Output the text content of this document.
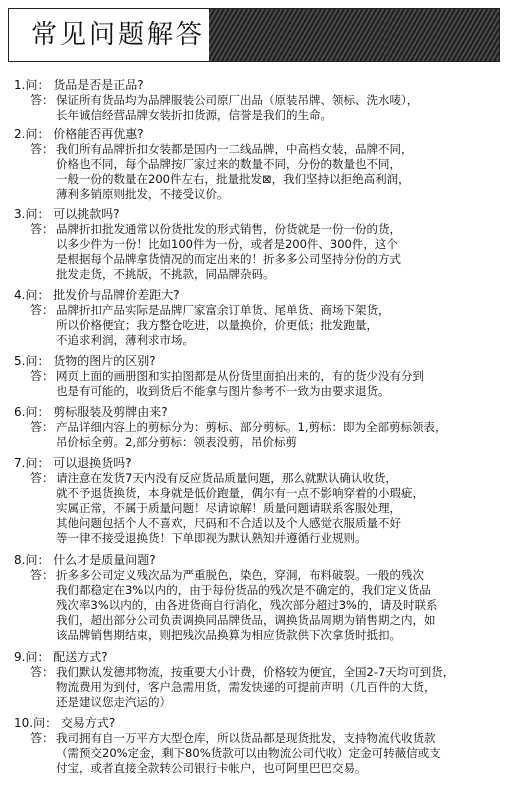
常见问题解答
1.问： 货品是否是正品?
答： 保证所有货品均为品牌服装公司原厂出品（原装吊牌、领标、洗水唛），
长年诚信经营品牌女装折扣货源，信誉是我们的生命。
2.问： 价格能否再优惠?
答： 我们所有品牌折扣女装都是国内一二线品牌，中高档女装，品牌不同，
价格也不同，每个品牌按厂家过来的数量不同，分份的数量也不同，
一般一份的数量在200件左右，批量批发⊠，我们坚持以拒绝高利润，
薄利多销原则批发，不接受议价。
3.问： 可以挑款吗?
答： 品牌折扣批发通常以份货批发的形式销售，份货就是一份一份的货，
以多少件为一份！比如100件为一份，或者是200件、300件，这个
是根据每个品牌拿货情况的而定出来的！折多多公司坚持分份的方式
批发走货，不挑版，不挑款，同品牌杂码。
4.问： 批发价与品牌价差距大?
答： 品牌折扣产品实际是品牌厂家富余订单货、尾单货、商场下架货，
所以价格便宜；我方整仓吃进，以量换价，价更低；批发跑量，
不追求利润，薄利求市场。
5.问： 货物的图片的区别?
答： 网页上面的画册图和实拍图都是从份货里面拍出来的，有的货少没有分到
也是有可能的，收到货后不能拿与图片参考不一致为由要求退货。
6.问： 剪标服装及剪牌由来?
答： 产品详细内容上的剪标分为：剪标、部分剪标。1,剪标：即为全部剪标领表，
吊价标全剪。2,部分剪标：领表没剪，吊价标剪
7.问： 可以退换货吗?
答： 请注意在发货7天内没有反应货品质量问题，那么就默认确认收货，
就不予退货换货，本身就是低价跑量，偶尔有一点不影响穿着的小瑕疵，
实属正常，不属于质量问题！尽请谅解！质量问题请联系客服处理，
其他问题包括个人不喜欢，尺码和不合适以及个人感觉衣服质量不好
等一律不接受退换货！下单即视为默认熟知并遵循行业规则。
8.问： 什么才是质量问题?
答： 折多多公司定义残次品为严重脱色，染色，穿洞，布料破裂。一般的残次
我们都稳定在3%以内的，由于每份货品的残次是不确定的，我们定义货品
残次率3%以内的，由各进货商自行消化，残次部分超过3%的，请及时联系
我们，超出部分公司负责调换同品牌货品，调换货品周期为销售期之内，如
该品牌销售期结束，则把残次品换算为相应货款供下次拿货时抵扣。
9.问： 配送方式?
答： 我们默认发德邦物流，按重要大小计费，价格较为便宜，全国2-7天均可到货，
物流费用为到付，客户急需用货，需发快递的可提前声明（几百件的大货，
还是建议您走汽运的）
10.问： 交易方式?
答： 我司拥有自一万平方大型仓库，所以货品都是现货批发，支持物流代收货款
（需预交20%定金，剩下80%货款可以由物流公司代收）定金可转薇信或支
付宝，或者直接全款转公司银行卡帐户，也可阿里巴巴交易。
